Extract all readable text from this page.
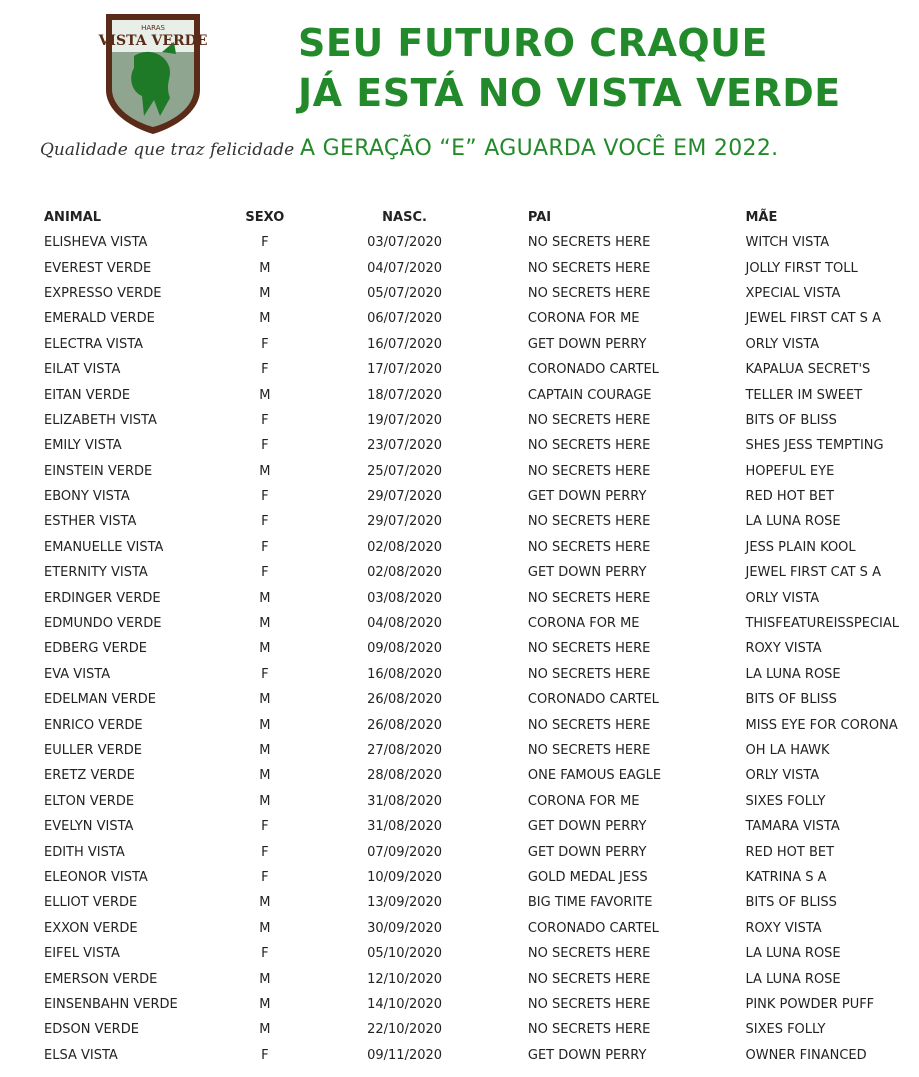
HARAS
VISTA VERDE
Qualidade que traz felicidade
SEU FUTURO CRAQUE
JÁ ESTÁ NO VISTA VERDE
A GERAÇÃO “E” AGUARDA VOCÊ EM 2022.
ANIMAL	SEXO	NASC.	PAI	MÃE
ELISHEVA VISTA	F	03/07/2020	NO SECRETS HERE	WITCH VISTA
EVEREST VERDE	M	04/07/2020	NO SECRETS HERE	JOLLY FIRST TOLL
EXPRESSO VERDE	M	05/07/2020	NO SECRETS HERE	XPECIAL VISTA
EMERALD VERDE	M	06/07/2020	CORONA FOR ME	JEWEL FIRST CAT S A
ELECTRA VISTA	F	16/07/2020	GET DOWN PERRY	ORLY VISTA
EILAT VISTA	F	17/07/2020	CORONADO CARTEL	KAPALUA SECRET'S
EITAN VERDE	M	18/07/2020	CAPTAIN COURAGE	TELLER IM SWEET
ELIZABETH VISTA	F	19/07/2020	NO SECRETS HERE	BITS OF BLISS
EMILY VISTA	F	23/07/2020	NO SECRETS HERE	SHES JESS TEMPTING
EINSTEIN VERDE	M	25/07/2020	NO SECRETS HERE	HOPEFUL EYE
EBONY VISTA	F	29/07/2020	GET DOWN PERRY	RED HOT BET
ESTHER VISTA	F	29/07/2020	NO SECRETS HERE	LA LUNA ROSE
EMANUELLE VISTA	F	02/08/2020	NO SECRETS HERE	JESS PLAIN KOOL
ETERNITY VISTA	F	02/08/2020	GET DOWN PERRY	JEWEL FIRST CAT S A
ERDINGER VERDE	M	03/08/2020	NO SECRETS HERE	ORLY VISTA
EDMUNDO VERDE	M	04/08/2020	CORONA FOR ME	THISFEATUREISSPECIAL
EDBERG VERDE	M	09/08/2020	NO SECRETS HERE	ROXY VISTA
EVA VISTA	F	16/08/2020	NO SECRETS HERE	LA LUNA ROSE
EDELMAN VERDE	M	26/08/2020	CORONADO CARTEL	BITS OF BLISS
ENRICO VERDE	M	26/08/2020	NO SECRETS HERE	MISS EYE FOR CORONA
EULLER VERDE	M	27/08/2020	NO SECRETS HERE	OH LA HAWK
ERETZ VERDE	M	28/08/2020	ONE FAMOUS EAGLE	ORLY VISTA
ELTON VERDE	M	31/08/2020	CORONA FOR ME	SIXES FOLLY
EVELYN VISTA	F	31/08/2020	GET DOWN PERRY	TAMARA VISTA
EDITH VISTA	F	07/09/2020	GET DOWN PERRY	RED HOT BET
ELEONOR VISTA	F	10/09/2020	GOLD MEDAL JESS	KATRINA S A
ELLIOT VERDE	M	13/09/2020	BIG TIME FAVORITE	BITS OF BLISS
EXXON VERDE	M	30/09/2020	CORONADO CARTEL	ROXY VISTA
EIFEL VISTA	F	05/10/2020	NO SECRETS HERE	LA LUNA ROSE
EMERSON VERDE	M	12/10/2020	NO SECRETS HERE	LA LUNA ROSE
EINSENBAHN VERDE	M	14/10/2020	NO SECRETS HERE	PINK POWDER PUFF
EDSON VERDE	M	22/10/2020	NO SECRETS HERE	SIXES FOLLY
ELSA VISTA	F	09/11/2020	GET DOWN PERRY	OWNER FINANCED
